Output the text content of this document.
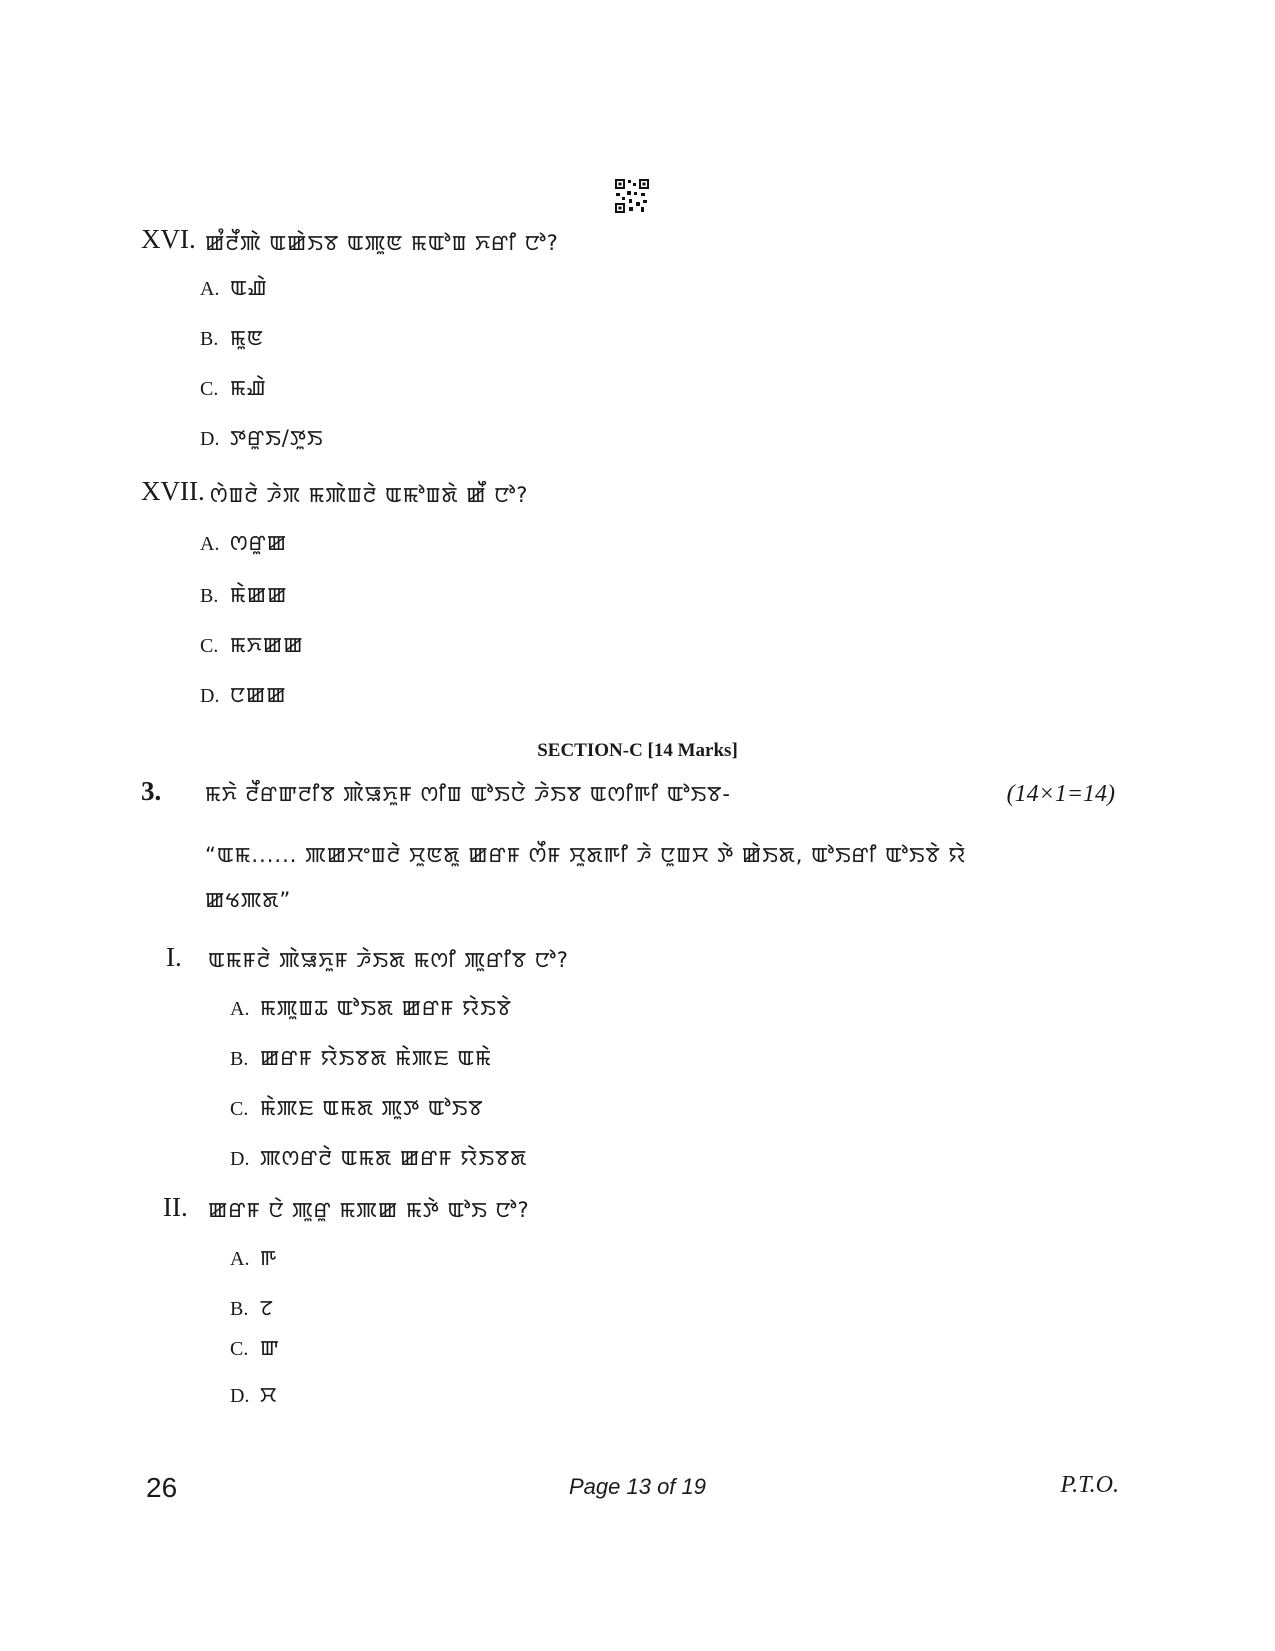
XVI. ꯀꯪꯂꯩꯄꯥ ꯑꯀꯥꯏꯕ ꯑꯄꯨꯟ ꯃꯑꯣꯡ ꯈꯔꯤ ꯅꯣ?
A. ꯑꯉꯥ
B. ꯃꯨꯟ
C. ꯃꯉꯥ
D. ꯇꯔꯨꯏ/ꯇꯨꯏ
XVII. ꯁꯥꯡꯂꯥ ꯍꯥꯞ ꯃꯄꯥꯡꯂꯥ ꯑꯃꯣꯡꯗꯥ ꯀꯩ ꯅꯣ?
A. ꯁꯔꯨꯀ
B. ꯃꯥꯀꯀ
C. ꯃꯈꯀꯀ
D. ꯅꯀꯀ
SECTION-C [14 Marks]
3. ꯃꯈꯥ ꯂꯩꯔꯛꯂꯤꯕ ꯄꯥꯎꯈꯨꯝ ꯁꯤꯡ ꯑꯣꯏꯅꯥ ꯍꯥꯏꯕ ꯑꯁꯤꯒꯤ ꯑꯣꯏꯕ-	(14×1=14)
“ꯑꯃ...... ꯄꯀꯆꯦꯡꯂꯥ ꯆꯨꯟꯗꯨ ꯀꯔꯝ ꯁꯩꯝ ꯆꯨꯗꯒꯤ ꯍꯥ ꯅꯨꯡꯆ ꯇꯥ ꯀꯥꯏꯗ, ꯑꯣꯏꯔꯤ ꯑꯣꯏꯕꯥ ꯌꯥ
ꯀꯠꯄꯗ”
I. ꯑꯃꯝꯂꯥ ꯄꯥꯎꯈꯨꯝ ꯍꯥꯏꯗ ꯃꯁꯤ ꯄꯨꯔꯤꯕ ꯅꯣ?
A. ꯃꯄꯨꯡꯊ ꯑꯣꯏꯗ ꯀꯔꯝ ꯌꯥꯏꯕꯥ
B. ꯀꯔꯝ ꯌꯥꯏꯕꯗ ꯃꯥꯄꯐ ꯑꯃꯥ
C. ꯃꯥꯄꯐ ꯑꯃꯗ ꯄꯨꯇ ꯑꯣꯏꯕ
D. ꯄꯁꯔꯂꯥ ꯑꯃꯗ ꯀꯔꯝ ꯌꯥꯏꯕꯗ
II. ꯀꯔꯝ ꯅꯥ ꯄꯨꯔꯨ ꯃꯄꯀ ꯃꯇꯥ ꯑꯣꯏ ꯅꯣ?
A. ꯒ
B. ꯖ
C. ꯛ
D. ꯆ
26	Page 13 of 19	P.T.O.
